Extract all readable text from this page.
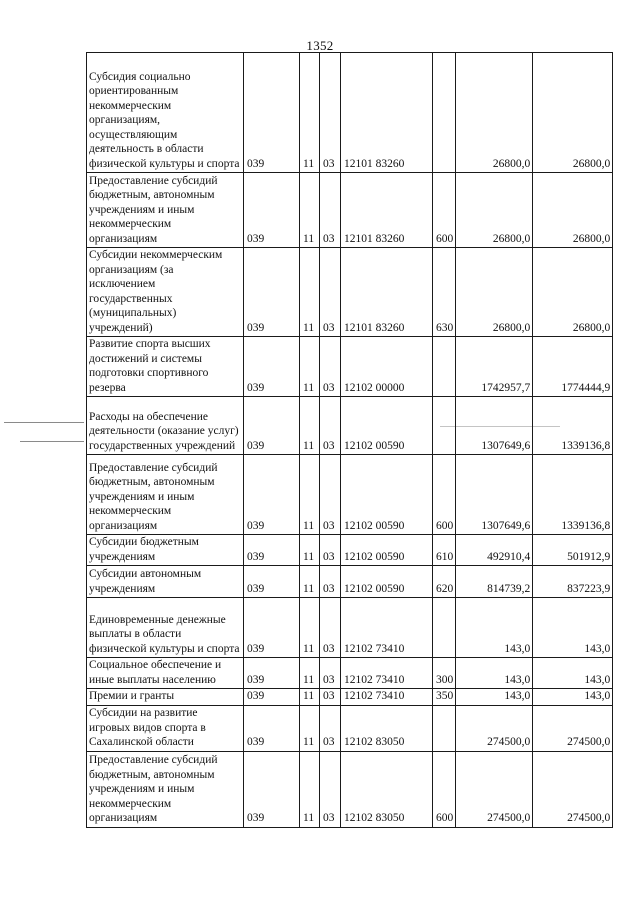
1352
Субсидия социально ориентированным некоммерческим организациям, осуществляющим деятельность в области физической культуры и спорта	039	11	03	12101 83260		26800,0	26800,0
Предоставление субсидий бюджетным, автономным учреждениям и иным некоммерческим организациям	039	11	03	12101 83260	600	26800,0	26800,0
Субсидии некоммерческим организациям (за исключением государственных (муниципальных) учреждений)	039	11	03	12101 83260	630	26800,0	26800,0
Развитие спорта высших достижений и системы подготовки спортивного резерва	039	11	03	12102 00000		1742957,7	1774444,9
Расходы на обеспечение деятельности (оказание услуг) государственных учреждений	039	11	03	12102 00590		1307649,6	1339136,8
Предоставление субсидий бюджетным, автономным учреждениям и иным некоммерческим организациям	039	11	03	12102 00590	600	1307649,6	1339136,8
Субсидии бюджетным учреждениям	039	11	03	12102 00590	610	492910,4	501912,9
Субсидии автономным учреждениям	039	11	03	12102 00590	620	814739,2	837223,9
Единовременные денежные выплаты в области физической культуры и спорта	039	11	03	12102 73410		143,0	143,0
Социальное обеспечение и иные выплаты населению	039	11	03	12102 73410	300	143,0	143,0
Премии и гранты	039	11	03	12102 73410	350	143,0	143,0
Субсидии на развитие игровых видов спорта в Сахалинской области	039	11	03	12102 83050		274500,0	274500,0
Предоставление субсидий бюджетным, автономным учреждениям и иным некоммерческим организациям	039	11	03	12102 83050	600	274500,0	274500,0
